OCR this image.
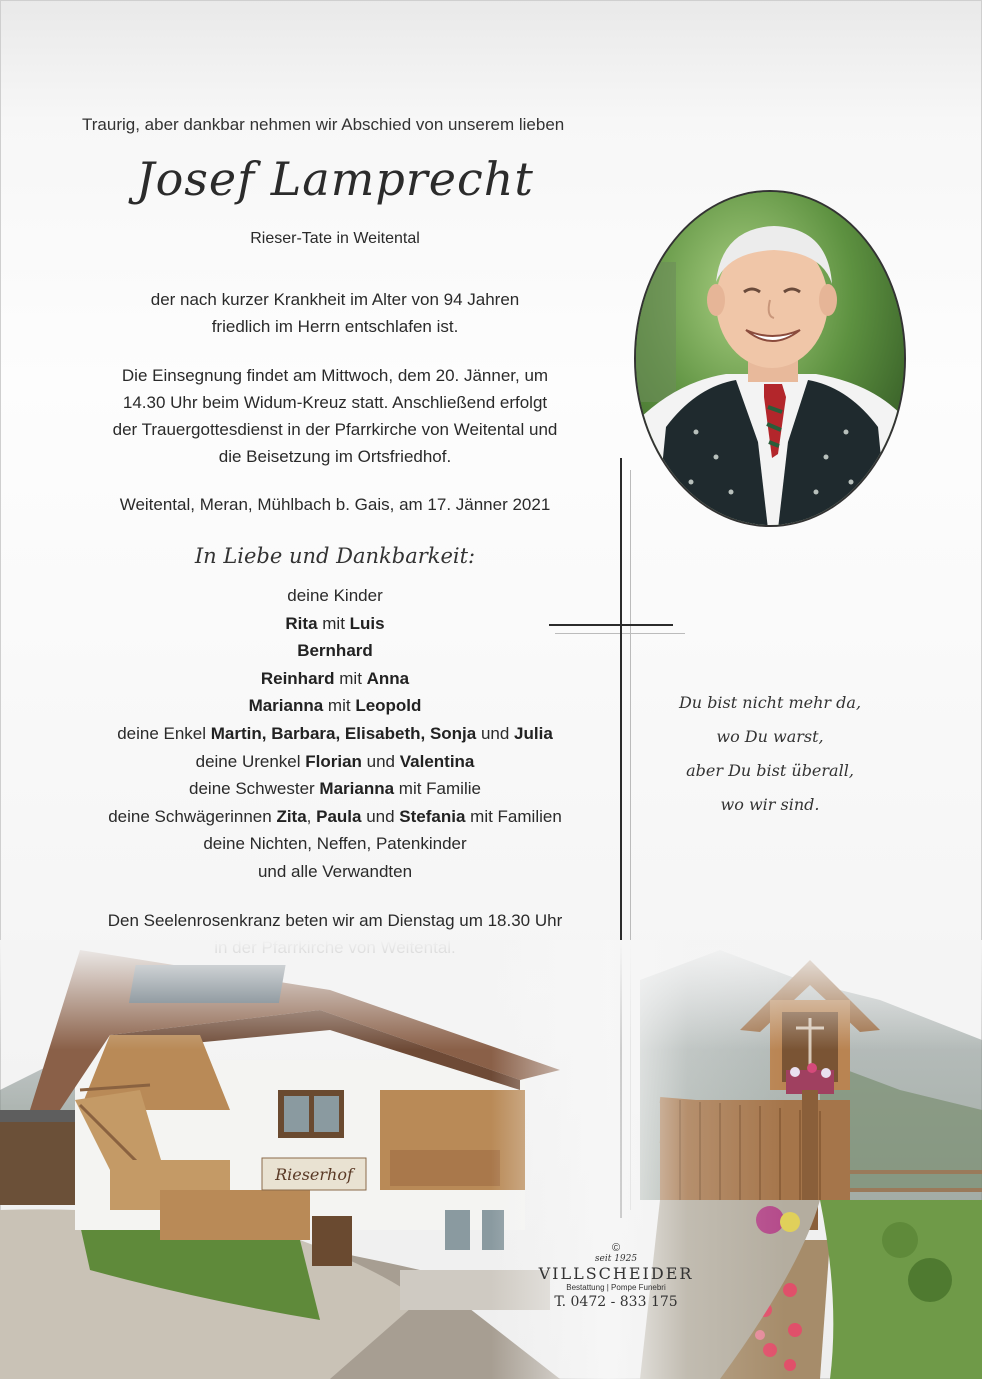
Traurig, aber dankbar nehmen wir Abschied von unserem lieben
Josef Lamprecht
Rieser-Tate in Weitental
der nach kurzer Krankheit im Alter von 94 Jahren
friedlich im Herrn entschlafen ist.
Die Einsegnung findet am Mittwoch, dem 20. Jänner, um
14.30 Uhr beim Widum-Kreuz statt. Anschließend erfolgt
der Trauergottesdienst in der Pfarrkirche von Weitental und
die Beisetzung im Ortsfriedhof.
Weitental, Meran, Mühlbach b. Gais, am 17. Jänner 2021
In Liebe und Dankbarkeit:
deine Kinder
Rita mit Luis
Bernhard
Reinhard mit Anna
Marianna mit Leopold
deine Enkel Martin, Barbara, Elisabeth, Sonja und Julia
deine Urenkel Florian und Valentina
deine Schwester Marianna mit Familie
deine Schwägerinnen Zita, Paula und Stefania mit Familien
deine Nichten, Neffen, Patenkinder
und alle Verwandten
Den Seelenrosenkranz beten wir am Dienstag um 18.30 Uhr
Du bist nicht mehr da,
wo Du warst,
aber Du bist überall,
wo wir sind.
©
seit 1925
VILLSCHEIDER
Bestattung | Pompe Funebri
T. 0472 - 833 175
